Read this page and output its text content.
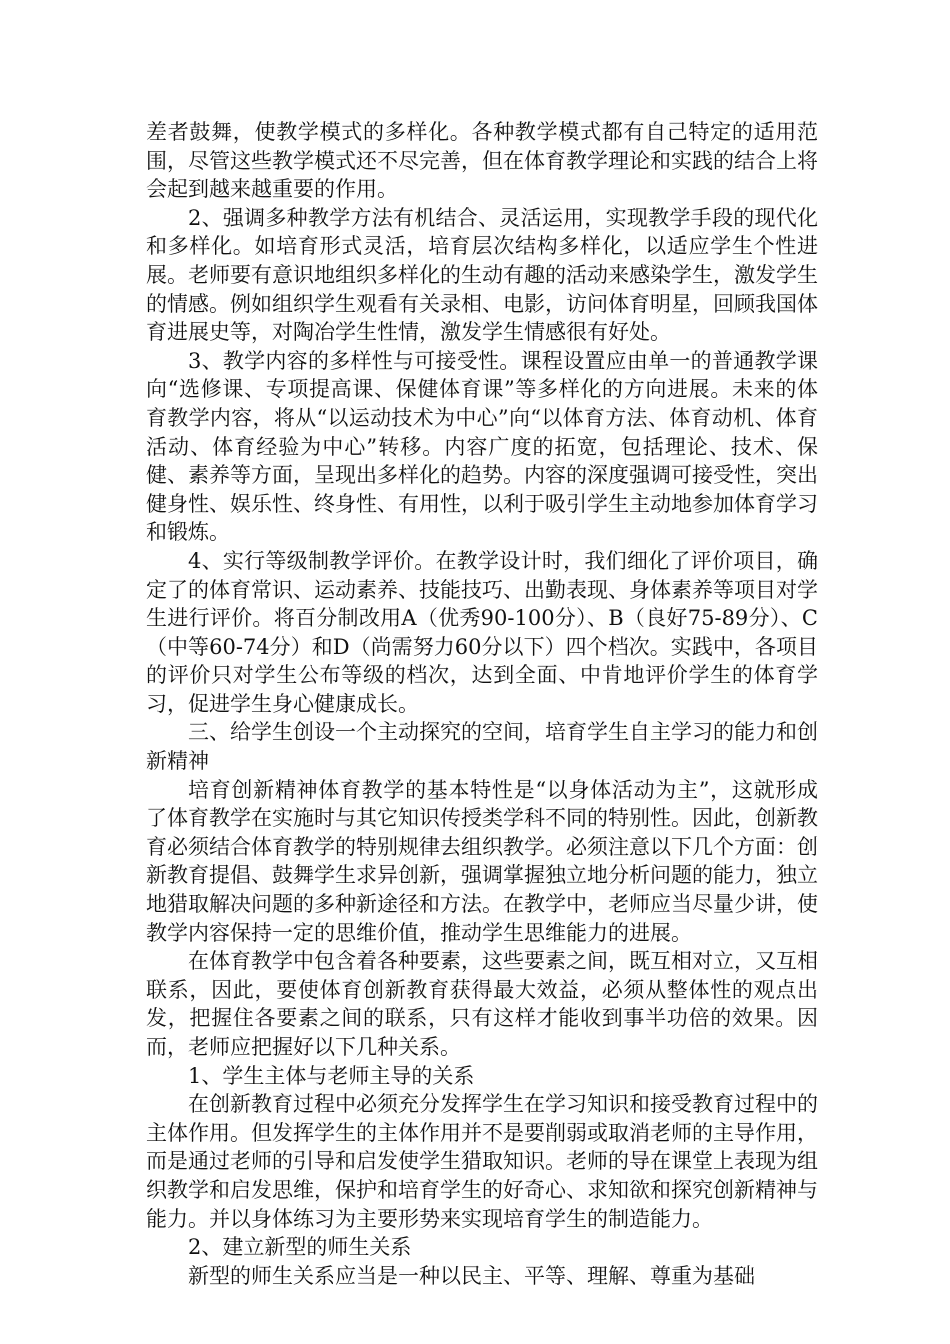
差者鼓舞，使教学模式的多样化。各种教学模式都有自己特定的适用范围，尽管这些教学模式还不尽完善，但在体育教学理论和实践的结合上将会起到越来越重要的作用。

2、强调多种教学方法有机结合、灵活运用，实现教学手段的现代化和多样化。如培育形式灵活，培育层次结构多样化，以适应学生个性进展。老师要有意识地组织多样化的生动有趣的活动来感染学生，激发学生的情感。例如组织学生观看有关录相、电影，访问体育明星，回顾我国体育进展史等，对陶冶学生性情，激发学生情感很有好处。

3、教学内容的多样性与可接受性。课程设置应由单一的普通教学课向“选修课、专项提高课、保健体育课”等多样化的方向进展。未来的体育教学内容，将从“以运动技术为中心”向“以体育方法、体育动机、体育活动、体育经验为中心”转移。内容广度的拓宽，包括理论、技术、保健、素养等方面，呈现出多样化的趋势。内容的深度强调可接受性，突出健身性、娱乐性、终身性、有用性，以利于吸引学生主动地参加体育学习和锻炼。

4、实行等级制教学评价。在教学设计时，我们细化了评价项目，确定了的体育常识、运动素养、技能技巧、出勤表现、身体素养等项目对学生进行评价。将百分制改用A（优秀90-100分）、B（良好75-89分）、C（中等60-74分）和D（尚需努力60分以下）四个档次。实践中，各项目的评价只对学生公布等级的档次，达到全面、中肯地评价学生的体育学习，促进学生身心健康成长。

三、给学生创设一个主动探究的空间，培育学生自主学习的能力和创新精神

培育创新精神体育教学的基本特性是“以身体活动为主”，这就形成了体育教学在实施时与其它知识传授类学科不同的特别性。因此，创新教育必须结合体育教学的特别规律去组织教学。必须注意以下几个方面：创新教育提倡、鼓舞学生求异创新，强调掌握独立地分析问题的能力，独立地猎取解决问题的多种新途径和方法。在教学中，老师应当尽量少讲，使教学内容保持一定的思维价值，推动学生思维能力的进展。

在体育教学中包含着各种要素，这些要素之间，既互相对立，又互相联系，因此，要使体育创新教育获得最大效益，必须从整体性的观点出发，把握住各要素之间的联系，只有这样才能收到事半功倍的效果。因而，老师应把握好以下几种关系。

1、学生主体与老师主导的关系

在创新教育过程中必须充分发挥学生在学习知识和接受教育过程中的主体作用。但发挥学生的主体作用并不是要削弱或取消老师的主导作用，而是通过老师的引导和启发使学生猎取知识。老师的导在课堂上表现为组织教学和启发思维，保护和培育学生的好奇心、求知欲和探究创新精神与能力。并以身体练习为主要形势来实现培育学生的制造能力。

2、建立新型的师生关系

新型的师生关系应当是一种以民主、平等、理解、尊重为基础
